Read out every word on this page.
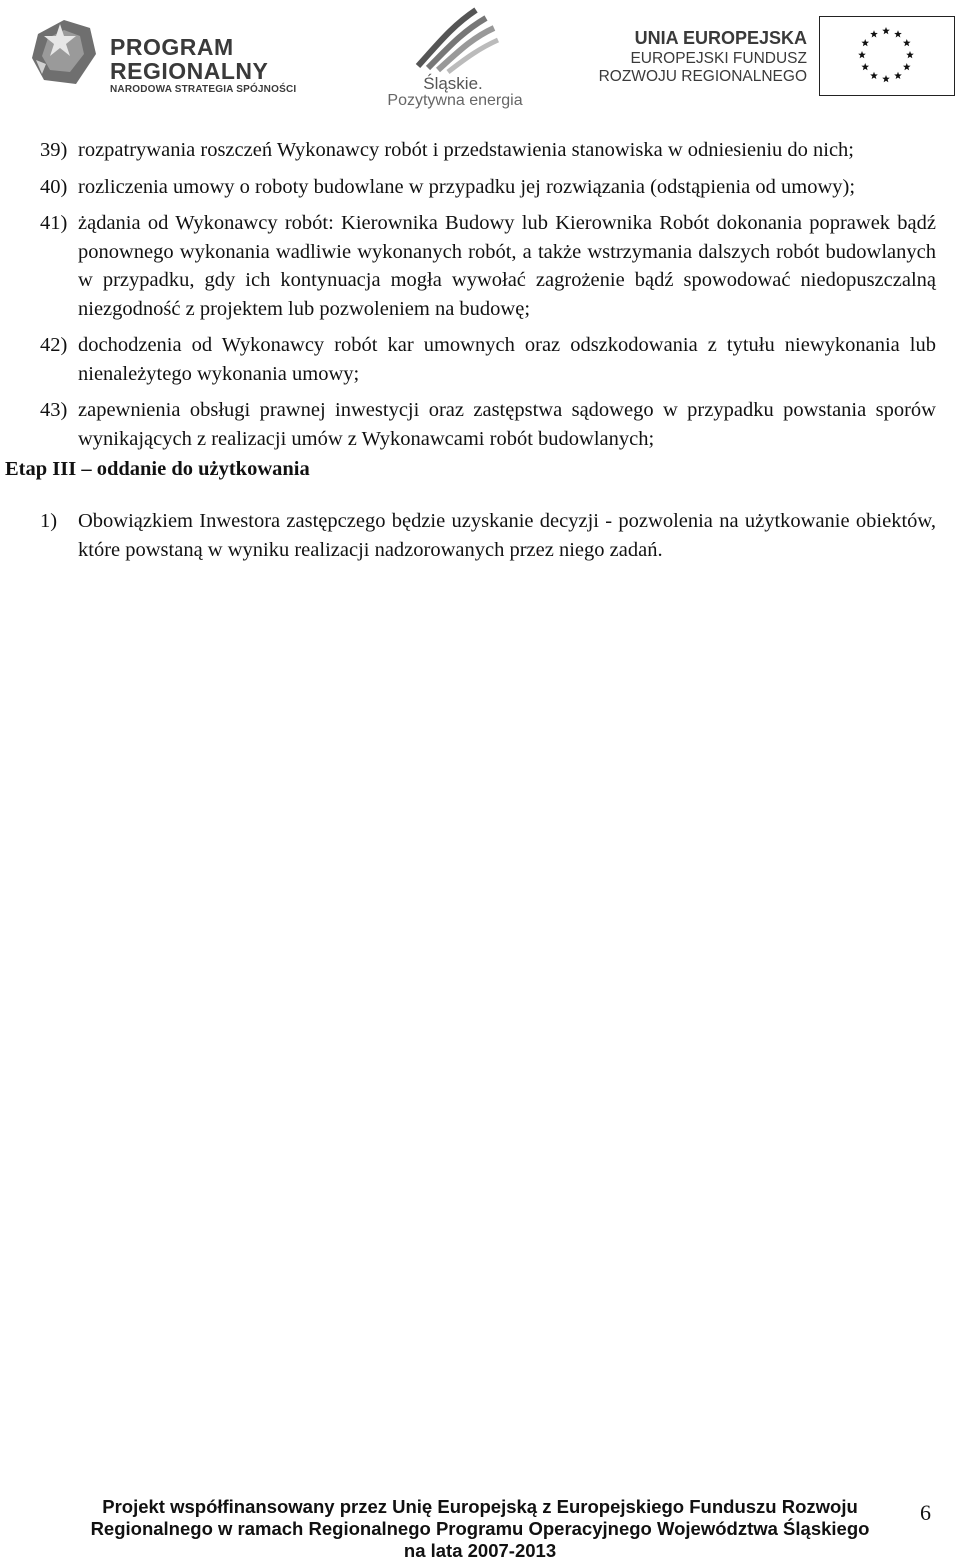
PROGRAM
REGIONALNY
NARODOWA STRATEGIA SPÓJNOŚCI	Śląskie.
Pozytywna energia
UNIA EUROPEJSKA
EUROPEJSKI FUNDUSZ
ROZWOJU REGIONALNEGO
39) rozpatrywania roszczeń Wykonawcy robót i przedstawienia stanowiska w odniesieniu do nich;
40) rozliczenia umowy o roboty budowlane w przypadku jej rozwiązania (odstąpienia od umowy);
41) żądania od Wykonawcy robót: Kierownika Budowy lub Kierownika Robót dokonania poprawek bądź ponownego wykonania wadliwie wykonanych robót, a także wstrzymania dalszych robót budowlanych w przypadku, gdy ich kontynuacja mogła wywołać zagrożenie bądź spowodować niedopuszczalną niezgodność z projektem lub pozwoleniem na budowę;
42) dochodzenia od Wykonawcy robót kar umownych oraz odszkodowania z tytułu niewykonania lub nienależytego wykonania umowy;
43) zapewnienia obsługi prawnej inwestycji oraz zastępstwa sądowego w przypadku powstania sporów wynikających z realizacji umów z Wykonawcami robót budowlanych;
Etap III – oddanie do użytkowania
1) Obowiązkiem Inwestora zastępczego będzie uzyskanie decyzji - pozwolenia na użytkowanie obiektów, które powstaną w wyniku realizacji nadzorowanych przez niego zadań.
Projekt współfinansowany przez Unię Europejską z Europejskiego Funduszu Rozwoju
Regionalnego w ramach Regionalnego Programu Operacyjnego Województwa Śląskiego
na lata 2007-2013
6
